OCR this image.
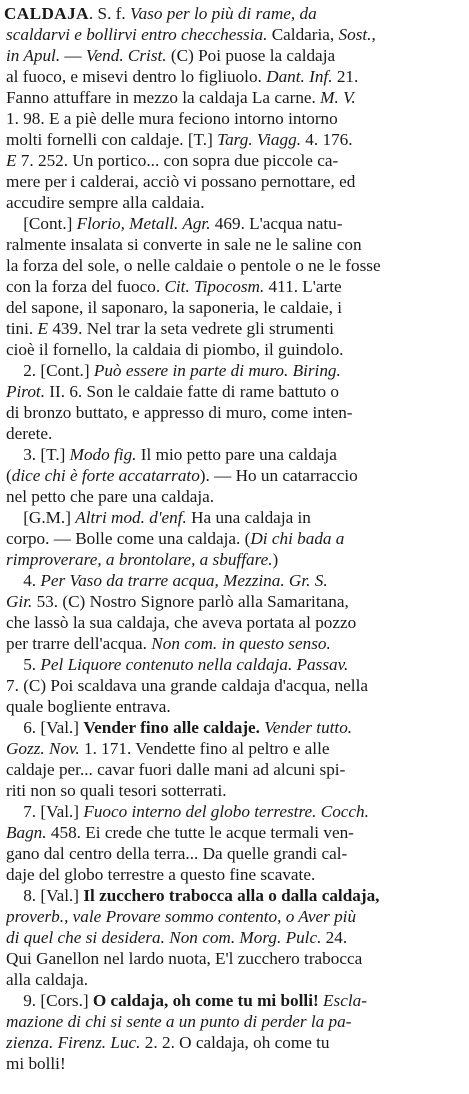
CALDAJA. S. f. Vaso per lo più di rame, da
scaldarvi e bollirvi entro checchessia. Caldaria, Sost.,
in Apul. — Vend. Crist. (C) Poi puose la caldaja
al fuoco, e misevi dentro lo figliuolo. Dant. Inf. 21.
Fanno attuffare in mezzo la caldaja La carne. M. V.
1. 98. E a piè delle mura feciono intorno intorno
molti fornelli con caldaje. [T.] Targ. Viagg. 4. 176.
E 7. 252. Un portico... con sopra due piccole ca-
mere per i calderai, acciò vi possano pernottare, ed
accudire sempre alla caldaia.
[Cont.] Florio, Metall. Agr. 469. L'acqua natu-
ralmente insalata si converte in sale ne le saline con
la forza del sole, o nelle caldaie o pentole o ne le fosse
con la forza del fuoco. Cit. Tipocosm. 411. L'arte
del sapone, il saponaro, la saponeria, le caldaie, i
tini. E 439. Nel trar la seta vedrete gli strumenti
cioè il fornello, la caldaia di piombo, il guindolo.
2. [Cont.] Può essere in parte di muro. Biring.
Pirot. II. 6. Son le caldaie fatte di rame battuto o
di bronzo buttato, e appresso di muro, come inten-
derete.
3. [T.] Modo fig. Il mio petto pare una caldaja
(dice chi è forte accatarrato). — Ho un catarraccio
nel petto che pare una caldaja.
[G.M.] Altri mod. d'enf. Ha una caldaja in
corpo. — Bolle come una caldaja. (Di chi bada a
rimproverare, a brontolare, a sbuffare.)
4. Per Vaso da trarre acqua, Mezzina. Gr. S.
Gir. 53. (C) Nostro Signore parlò alla Samaritana,
che lassò la sua caldaja, che aveva portata al pozzo
per trarre dell'acqua. Non com. in questo senso.
5. Pel Liquore contenuto nella caldaja. Passav.
7. (C) Poi scaldava una grande caldaja d'acqua, nella
quale bogliente entrava.
6. [Val.] Vender fino alle caldaje. Vender tutto.
Gozz. Nov. 1. 171. Vendette fino al peltro e alle
caldaje per... cavar fuori dalle mani ad alcuni spi-
riti non so quali tesori sotterrati.
7. [Val.] Fuoco interno del globo terrestre. Cocch.
Bagn. 458. Ei crede che tutte le acque termali ven-
gano dal centro della terra... Da quelle grandi cal-
daje del globo terrestre a questo fine scavate.
8. [Val.] Il zucchero trabocca alla o dalla caldaja,
proverb., vale Provare sommo contento, o Aver più
di quel che si desidera. Non com. Morg. Pulc. 24.
Qui Ganellon nel lardo nuota, E'l zucchero trabocca
alla caldaja.
9. [Cors.] O caldaja, oh come tu mi bolli! Escla-
mazione di chi si sente a un punto di perder la pa-
zienza. Firenz. Luc. 2. 2. O caldaja, oh come tu
mi bolli!
